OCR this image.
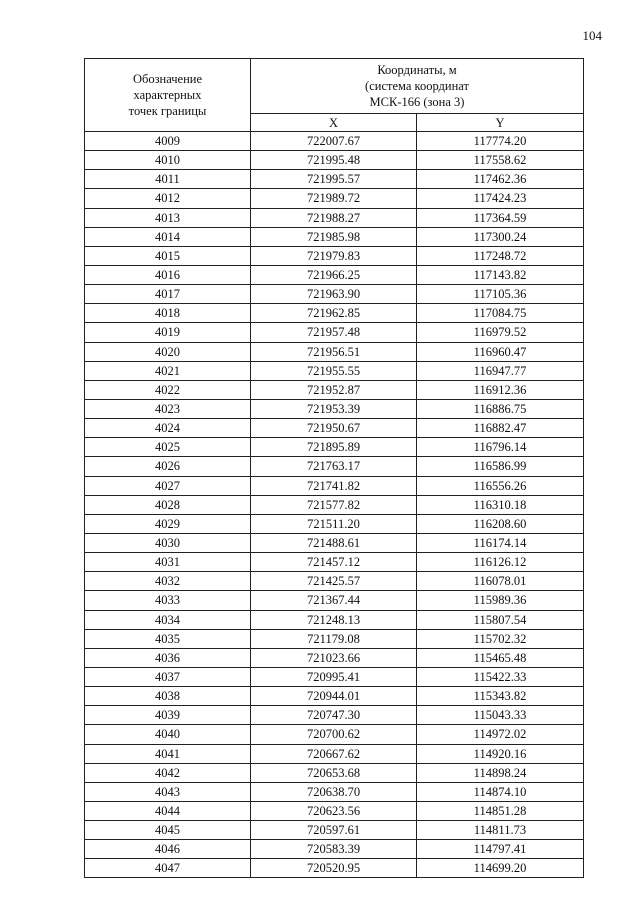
104
Обозначение
характерных
точек границы	Координаты, м
(система координат
МСК-166 (зона 3)	

	X	Y
4009	722007.67	117774.20
4010	721995.48	117558.62
4011	721995.57	117462.36
4012	721989.72	117424.23
4013	721988.27	117364.59
4014	721985.98	117300.24
4015	721979.83	117248.72
4016	721966.25	117143.82
4017	721963.90	117105.36
4018	721962.85	117084.75
4019	721957.48	116979.52
4020	721956.51	116960.47
4021	721955.55	116947.77
4022	721952.87	116912.36
4023	721953.39	116886.75
4024	721950.67	116882.47
4025	721895.89	116796.14
4026	721763.17	116586.99
4027	721741.82	116556.26
4028	721577.82	116310.18
4029	721511.20	116208.60
4030	721488.61	116174.14
4031	721457.12	116126.12
4032	721425.57	116078.01
4033	721367.44	115989.36
4034	721248.13	115807.54
4035	721179.08	115702.32
4036	721023.66	115465.48
4037	720995.41	115422.33
4038	720944.01	115343.82
4039	720747.30	115043.33
4040	720700.62	114972.02
4041	720667.62	114920.16
4042	720653.68	114898.24
4043	720638.70	114874.10
4044	720623.56	114851.28
4045	720597.61	114811.73
4046	720583.39	114797.41
4047	720520.95	114699.20
